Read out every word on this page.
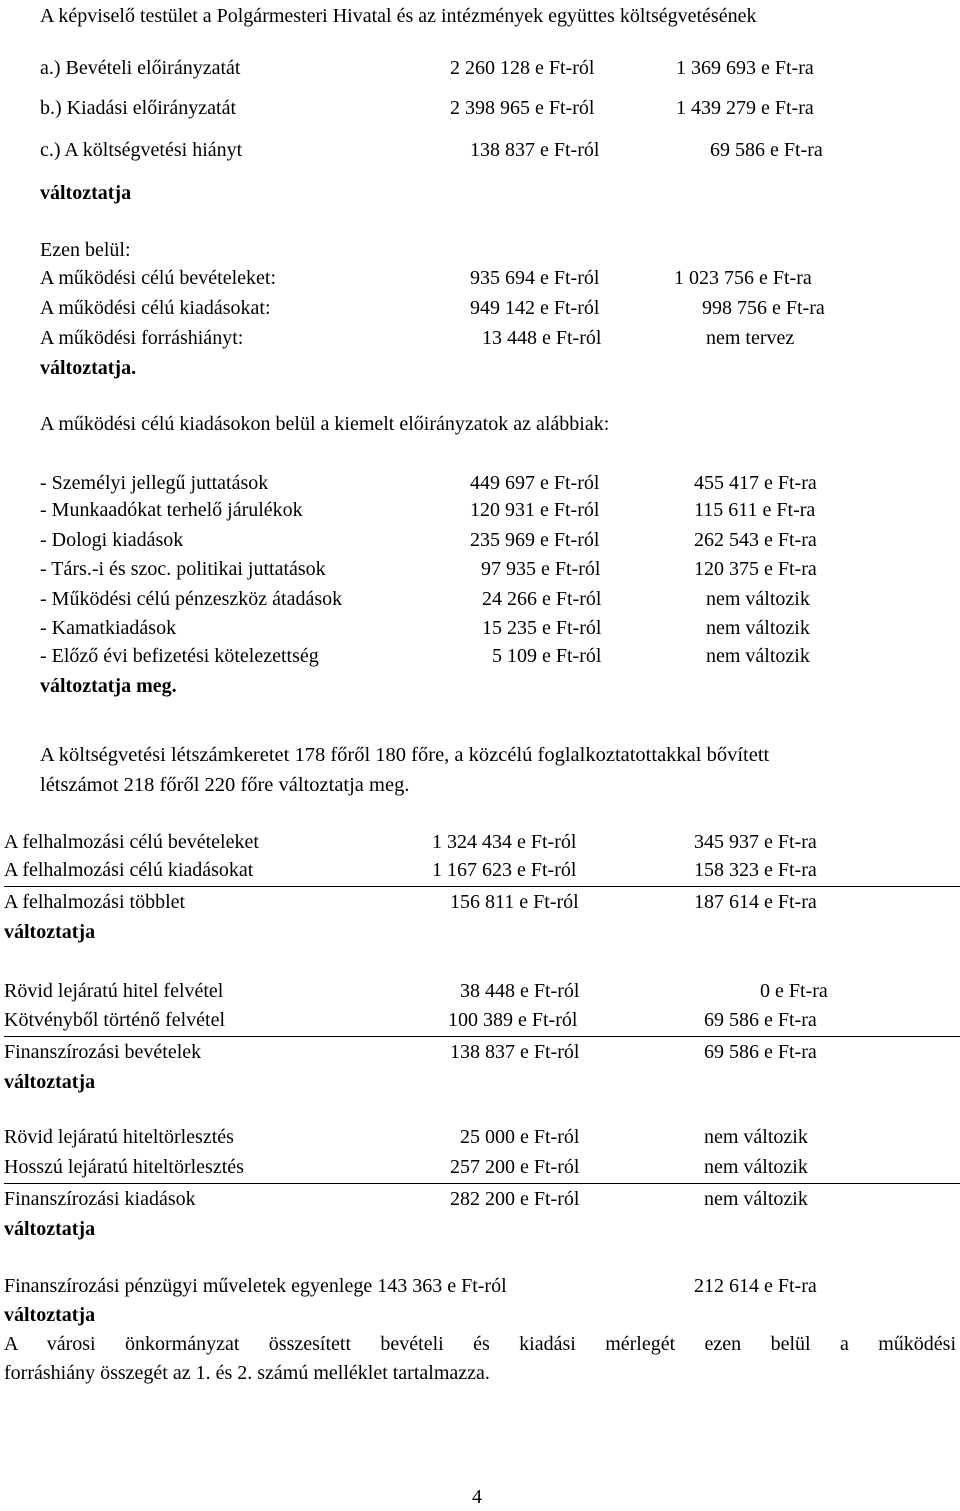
A képviselő testület a Polgármesteri Hivatal és az intézmények együttes költségvetésének
a.) Bevételi előirányzatát	2 260 128 e Ft-ról	1 369 693 e Ft-ra
b.) Kiadási előirányzatát	2 398 965 e Ft-ról	1 439 279 e Ft-ra
c.) A költségvetési hiányt	138 837 e Ft-ról	69 586 e Ft-ra
változtatja
Ezen belül:
A működési célú bevételeket:	935 694 e Ft-ról	1 023 756 e Ft-ra
A működési célú kiadásokat:	949 142 e Ft-ról	998 756 e Ft-ra
A működési forráshiányt:	13 448 e Ft-ról	nem tervez
változtatja.
A működési célú kiadásokon belül a kiemelt előirányzatok az alábbiak:
- Személyi jellegű juttatások	449 697 e Ft-ról	455 417 e Ft-ra
- Munkaadókat terhelő járulékok	120 931 e Ft-ról	115 611 e Ft-ra
- Dologi kiadások	235 969 e Ft-ról	262 543 e Ft-ra
- Társ.-i és szoc. politikai juttatások	97 935 e Ft-ról	120 375 e Ft-ra
- Működési célú pénzeszköz átadások	24 266 e Ft-ról	nem változik
- Kamatkiadások	15 235 e Ft-ról	nem változik
- Előző évi befizetési kötelezettség	5 109 e Ft-ról	nem változik
változtatja meg.
A költségvetési létszámkeretet 178 főről 180 főre, a közcélú foglalkoztatottakkal bővített
létszámot 218 főről 220 főre változtatja meg.
A felhalmozási célú bevételeket	1 324 434 e Ft-ról	345 937 e Ft-ra
A felhalmozási célú kiadásokat	1 167 623 e Ft-ról	158 323 e Ft-ra
A felhalmozási többlet	156 811 e Ft-ról	187 614 e Ft-ra
változtatja
Rövid lejáratú hitel felvétel	38 448 e Ft-ról	0 e Ft-ra
Kötvényből történő felvétel	100 389 e Ft-ról	69 586 e Ft-ra
Finanszírozási bevételek	138 837 e Ft-ról	69 586 e Ft-ra
változtatja
Rövid lejáratú hiteltörlesztés	25 000 e Ft-ról	nem változik
Hosszú lejáratú hiteltörlesztés	257 200 e Ft-ról	nem változik
Finanszírozási kiadások	282 200 e Ft-ról	nem változik
változtatja
Finanszírozási pénzügyi műveletek egyenlege 143 363 e Ft-ról	212 614 e Ft-ra
változtatja
A városi önkormányzat összesített bevételi és kiadási mérlegét ezen belül a működési
forráshiány összegét az 1. és 2. számú melléklet tartalmazza.
4
